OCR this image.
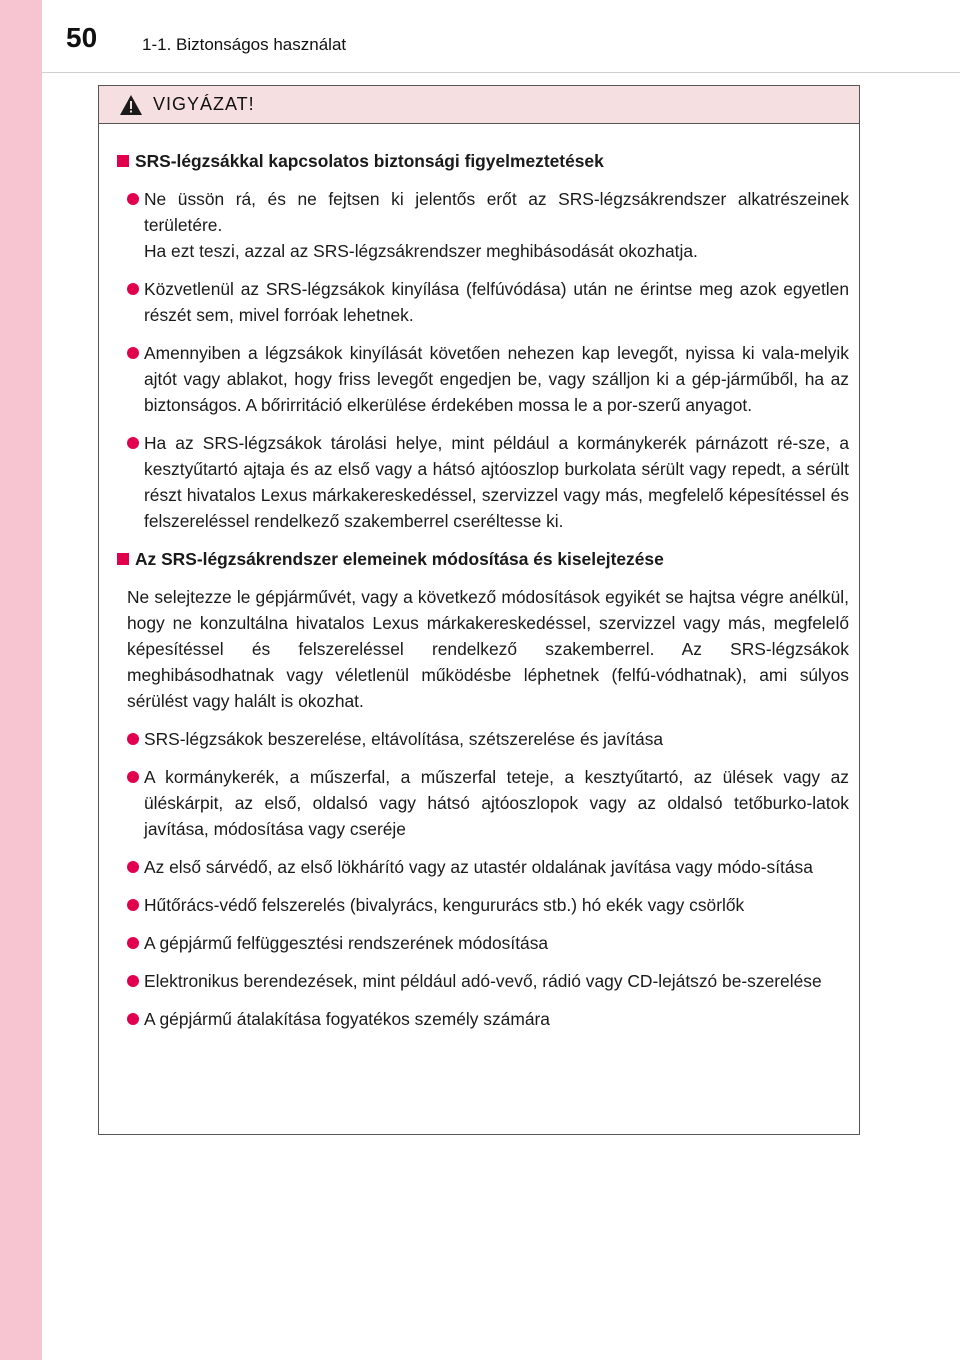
50	1-1. Biztonságos használat
VIGYÁZAT!
SRS-légzsákkal kapcsolatos biztonsági figyelmeztetések
Ne üssön rá, és ne fejtsen ki jelentős erőt az SRS-légzsákrendszer alkatrészeinek területére.
Ha ezt teszi, azzal az SRS-légzsákrendszer meghibásodását okozhatja.
Közvetlenül az SRS-légzsákok kinyílása (felfúvódása) után ne érintse meg azok egyetlen részét sem, mivel forróak lehetnek.
Amennyiben a légzsákok kinyílását követően nehezen kap levegőt, nyissa ki vala-melyik ajtót vagy ablakot, hogy friss levegőt engedjen be, vagy szálljon ki a gép-járműből, ha az biztonságos. A bőrirritáció elkerülése érdekében mossa le a por-szerű anyagot.
Ha az SRS-légzsákok tárolási helye, mint például a kormánykerék párnázott ré-sze, a kesztyűtartó ajtaja és az első vagy a hátsó ajtóoszlop burkolata sérült vagy repedt, a sérült részt hivatalos Lexus márkakereskedéssel, szervizzel vagy más, megfelelő képesítéssel és felszereléssel rendelkező szakemberrel cseréltesse ki.
Az SRS-légzsákrendszer elemeinek módosítása és kiselejtezése
Ne selejtezze le gépjárművét, vagy a következő módosítások egyikét se hajtsa végre anélkül, hogy ne konzultálna hivatalos Lexus márkakereskedéssel, szervizzel vagy más, megfelelő képesítéssel és felszereléssel rendelkező szakemberrel. Az SRS-légzsákok meghibásodhatnak vagy véletlenül működésbe léphetnek (felfú-vódhatnak), ami súlyos sérülést vagy halált is okozhat.
SRS-légzsákok beszerelése, eltávolítása, szétszerelése és javítása
A kormánykerék, a műszerfal, a műszerfal teteje, a kesztyűtartó, az ülések vagy az üléskárpit, az első, oldalsó vagy hátsó ajtóoszlopok vagy az oldalsó tetőburko-latok javítása, módosítása vagy cseréje
Az első sárvédő, az első lökhárító vagy az utastér oldalának javítása vagy módo-sítása
Hűtőrács-védő felszerelés (bivalyrács, kengururács stb.) hó ekék vagy csörlők
A gépjármű felfüggesztési rendszerének módosítása
Elektronikus berendezések, mint például adó-vevő, rádió vagy CD-lejátszó be-szerelése
A gépjármű átalakítása fogyatékos személy számára
